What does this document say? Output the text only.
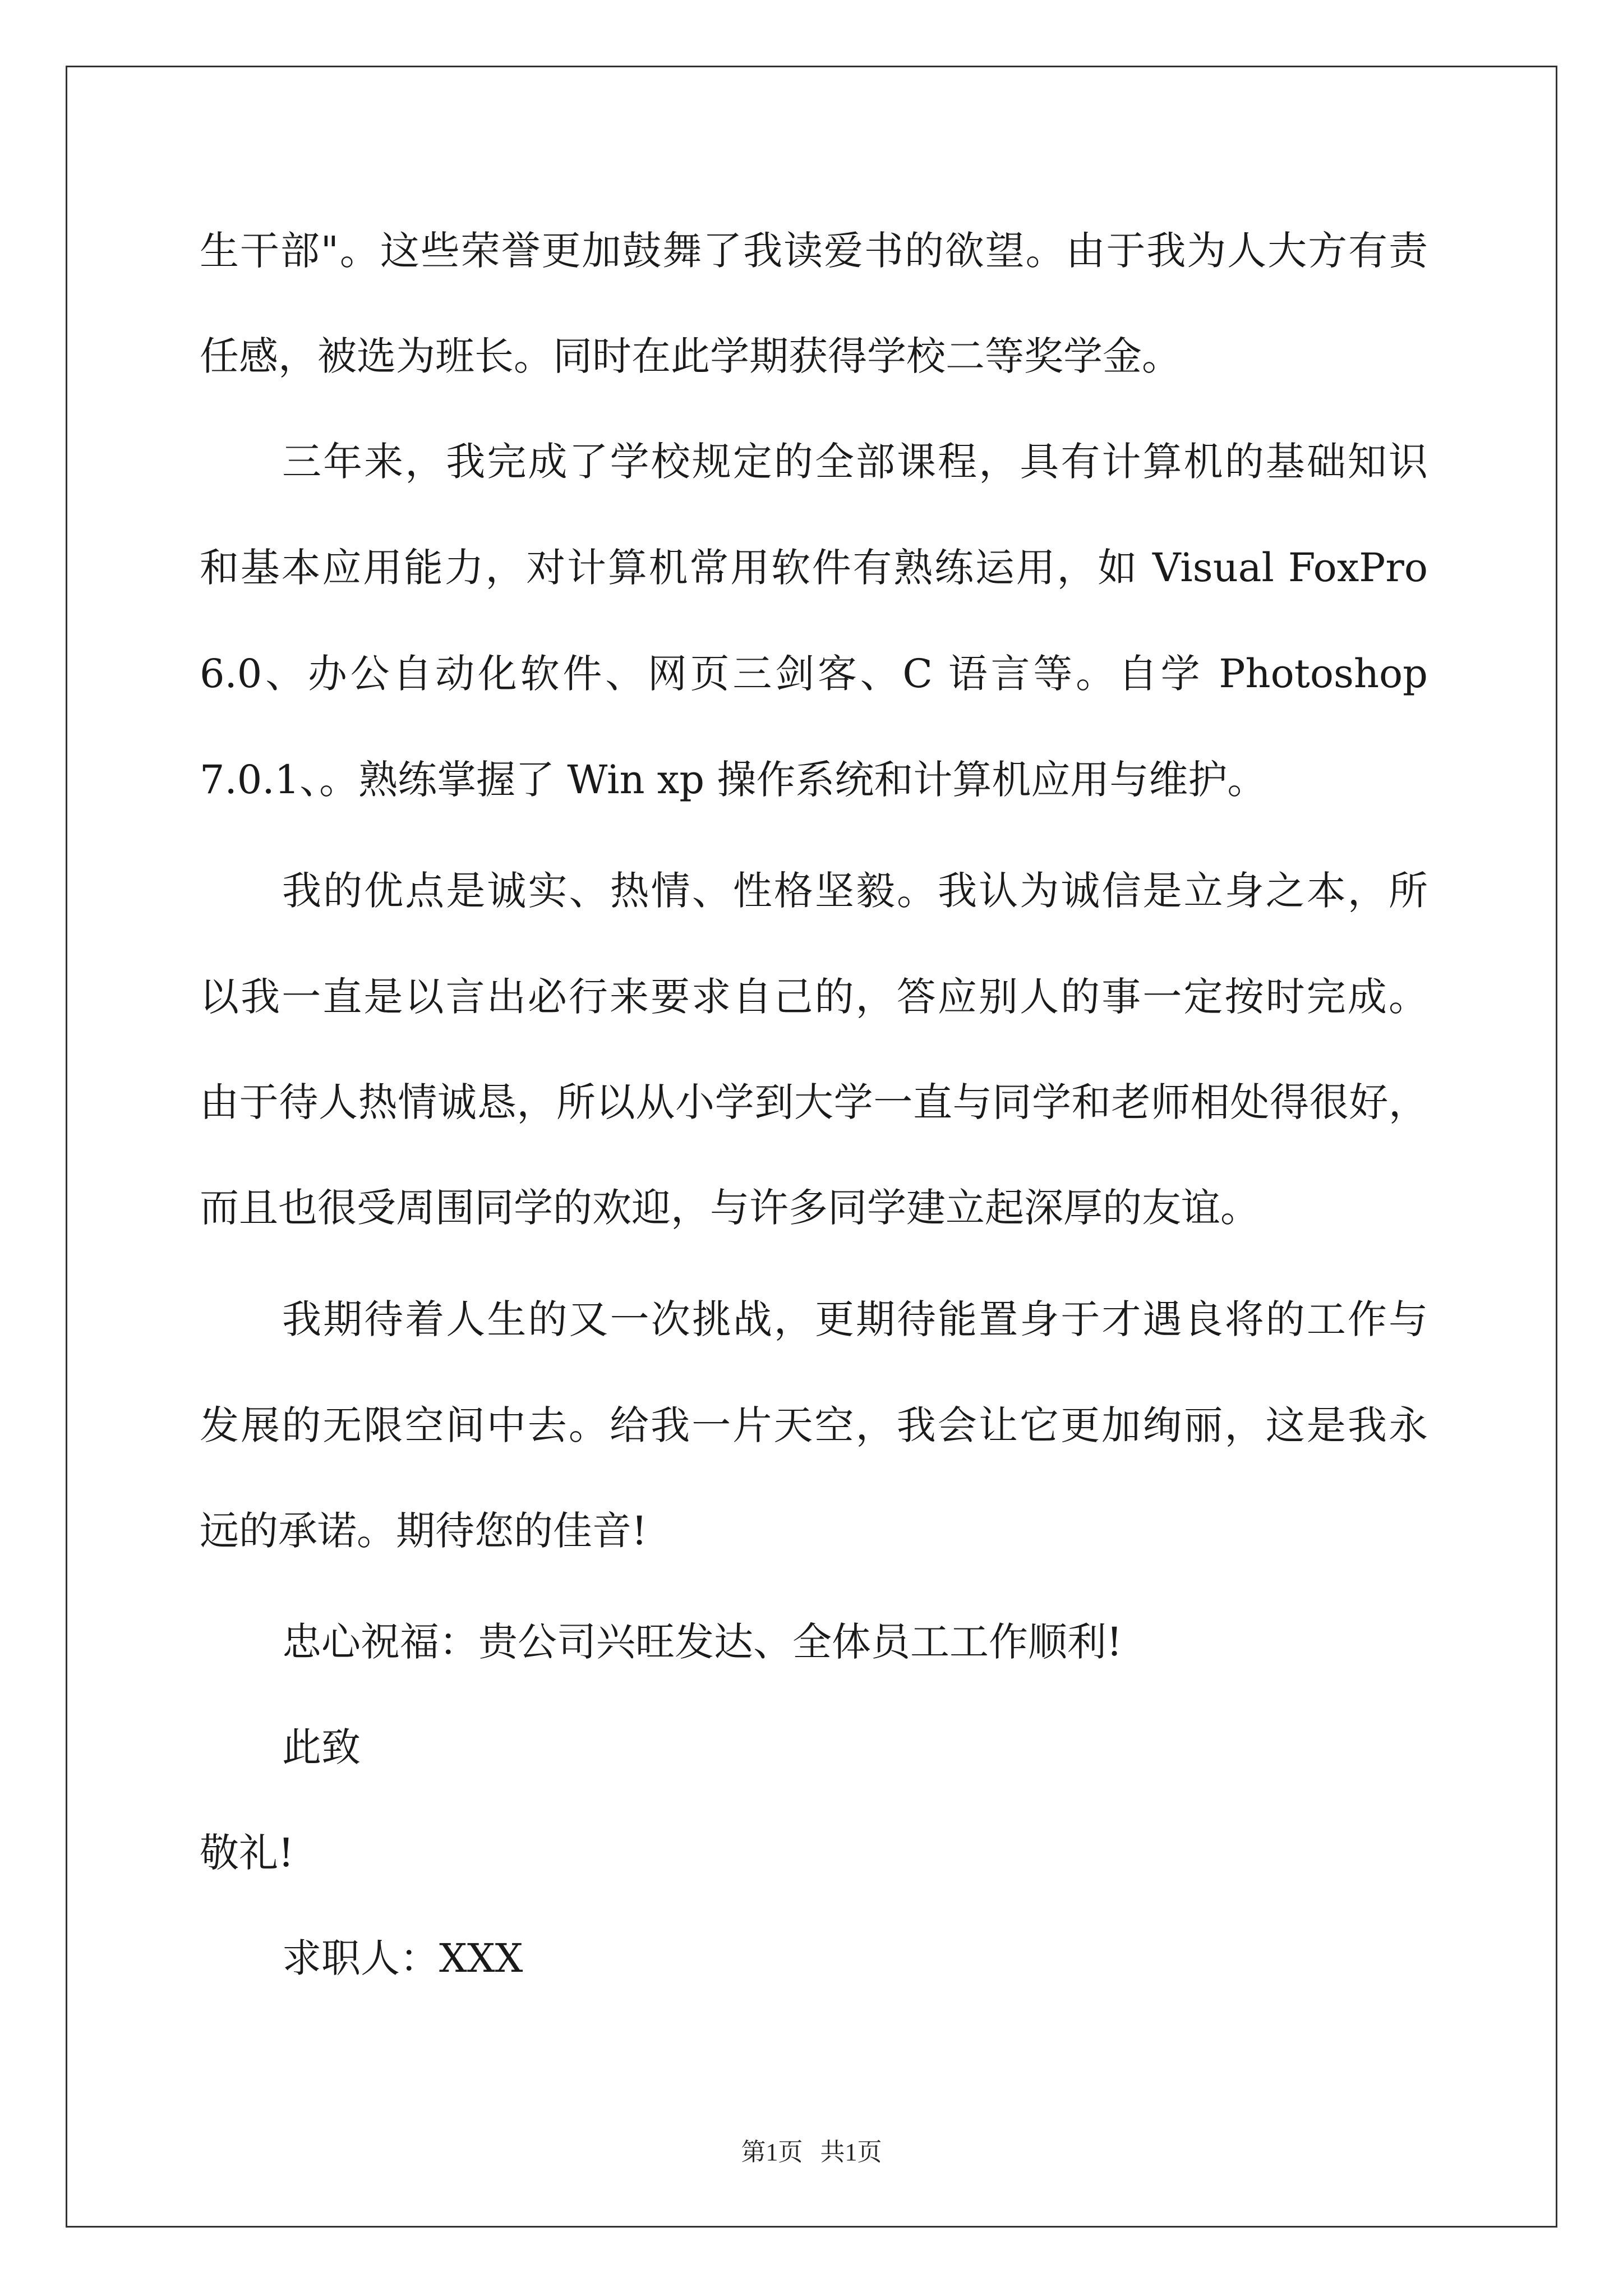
生干部"。这些荣誉更加鼓舞了我读爱书的欲望。由于我为人大方有责

任感，被选为班长。同时在此学期获得学校二等奖学金。

三年来，我完成了学校规定的全部课程，具有计算机的基础知识

和基本应用能力，对计算机常用软件有熟练运用，如 Visual FoxPro

6.0、办公自动化软件、网页三剑客、C 语言等。自学 Photoshop

7.0.1、。熟练掌握了 Win xp 操作系统和计算机应用与维护。

我的优点是诚实、热情、性格坚毅。我认为诚信是立身之本，所

以我一直是以言出必行来要求自己的，答应别人的事一定按时完成。

由于待人热情诚恳，所以从小学到大学一直与同学和老师相处得很好，

而且也很受周围同学的欢迎，与许多同学建立起深厚的友谊。

我期待着人生的又一次挑战，更期待能置身于才遇良将的工作与

发展的无限空间中去。给我一片天空，我会让它更加绚丽，这是我永

远的承诺。期待您的佳音!

忠心祝福：贵公司兴旺发达、全体员工工作顺利!

此致

敬礼!

求职人：XXX

第1页 共1页
